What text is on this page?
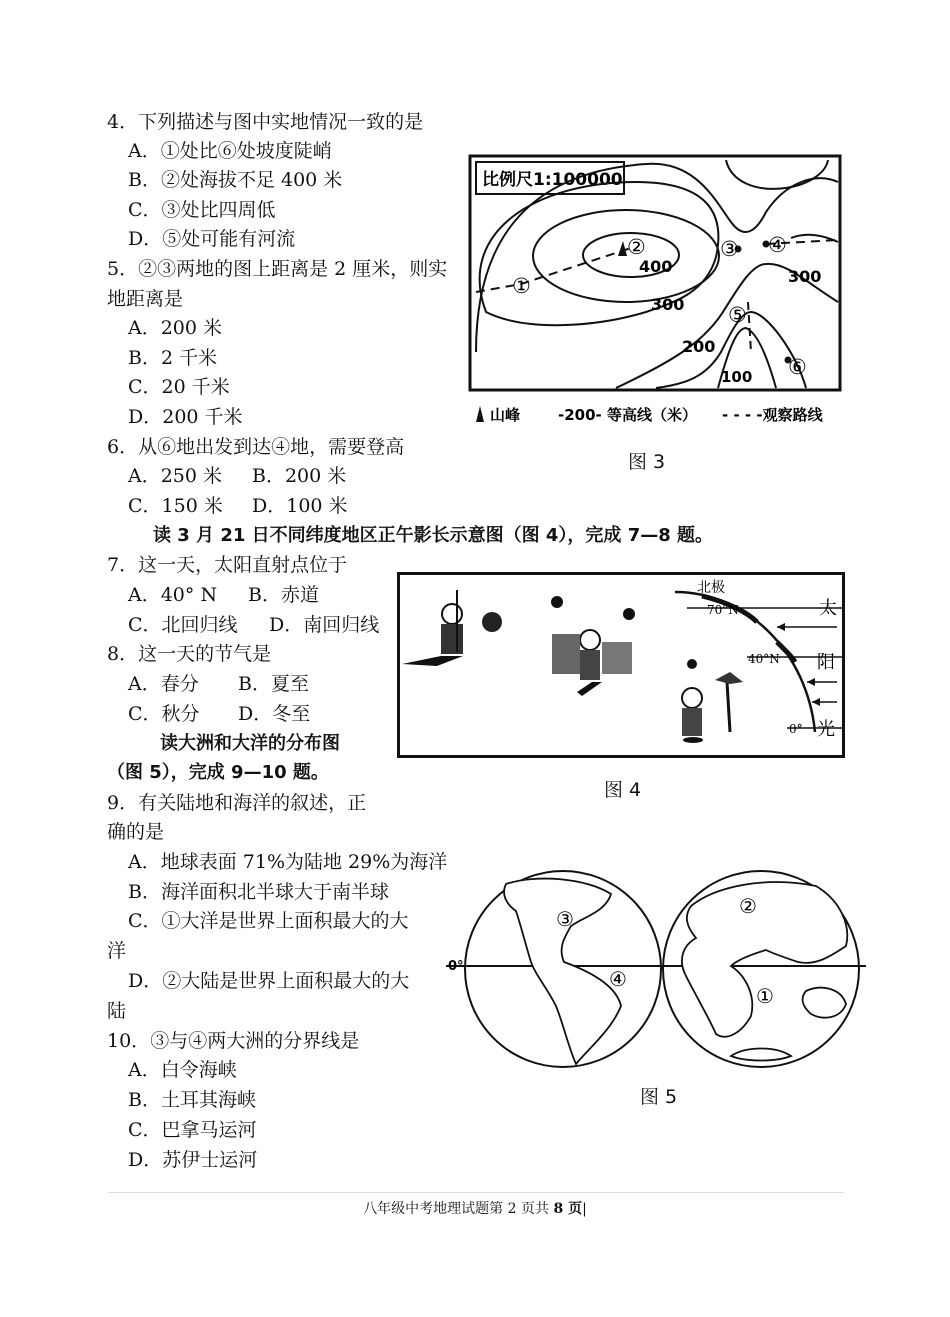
4．下列描述与图中实地情况一致的是
A．①处比⑥处坡度陡峭
B．②处海拔不足 400 米
C．③处比四周低
D．⑤处可能有河流
5．②③两地的图上距离是 2 厘米，则实
地距离是
A．200 米
B．2 千米
C．20 千米
D．200 千米
6．从⑥地出发到达④地，需要登高
A．250 米 B．200 米
C．150 米 D．100 米
读 3 月 21 日不同纬度地区正午影长示意图（图 4），完成 7—8 题。
7．这一天，太阳直射点位于
A．40° N B．赤道
C．北回归线 D．南回归线
8．这一天的节气是
A．春分 B．夏至
C．秋分 D．冬至
读大洲和大洋的分布图
（图 5），完成 9—10 题。
9．有关陆地和海洋的叙述，正
确的是
A．地球表面 71%为陆地 29%为海洋
B．海洋面积北半球大于南半球
C．①大洋是世界上面积最大的大
洋
D．②大陆是世界上面积最大的大
陆
10．③与④两大洲的分界线是
A．白令海峡
B．土耳其海峡
C．巴拿马运河
D．苏伊士运河
比例尺1:100000
①
②	③ ④
⑤
⑥
400
300
300
200
100
山峰	-200- 等高线（米） - - - -观察路线
图 3
北极
70°N
40°N
0°
太
阳
光
图 4
0°
③
④
②
①
图 5
八年级中考地理试题第 2 页共 8 页|
